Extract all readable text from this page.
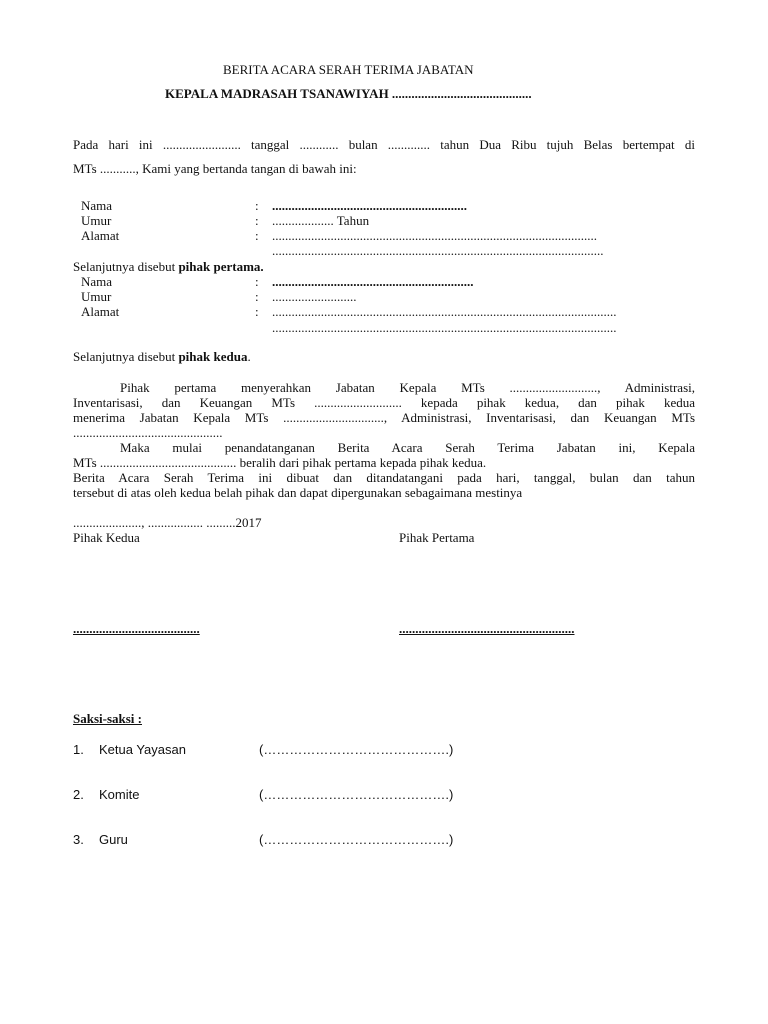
BERITA ACARA SERAH TERIMA JABATAN
KEPALA MADRASAH TSANAWIYAH ...........................................
Pada hari ini ........................ tanggal ............ bulan ............. tahun Dua Ribu tujuh Belas bertempat di
MTs ..........., Kami yang bertanda tangan di bawah ini:
Nama	: ............................................................
Umur	: ................... Tahun
Alamat	: ....................................................................................................
......................................................................................................
Selanjutnya disebut pihak pertama.
Nama	: ..............................................................
Umur	: ..........................
Alamat	: ..........................................................................................................
..........................................................................................................
Selanjutnya disebut pihak kedua.
Pihak pertama menyerahkan Jabatan Kepala MTs ..........................., Administrasi,
Inventarisasi, dan Keuangan MTs ........................... kepada pihak kedua, dan pihak kedua
menerima Jabatan Kepala MTs ..............................., Administrasi, Inventarisasi, dan Keuangan MTs
..............................................
Maka mulai penandatanganan Berita Acara Serah Terima Jabatan ini, Kepala
MTs .......................................... beralih dari pihak pertama kepada pihak kedua.
Berita Acara Serah Terima ini dibuat dan ditandatangani pada hari, tanggal, bulan dan tahun
tersebut di atas oleh kedua belah pihak dan dapat dipergunakan sebagaimana mestinya
....................., ................. .........2017
Pihak Kedua	Pihak Pertama
.......................................	......................................................
Saksi-saksi :
1. Ketua Yayasan	(…………………………………….)
2. Komite	(…………………………………….)
3. Guru	(…………………………………….)
